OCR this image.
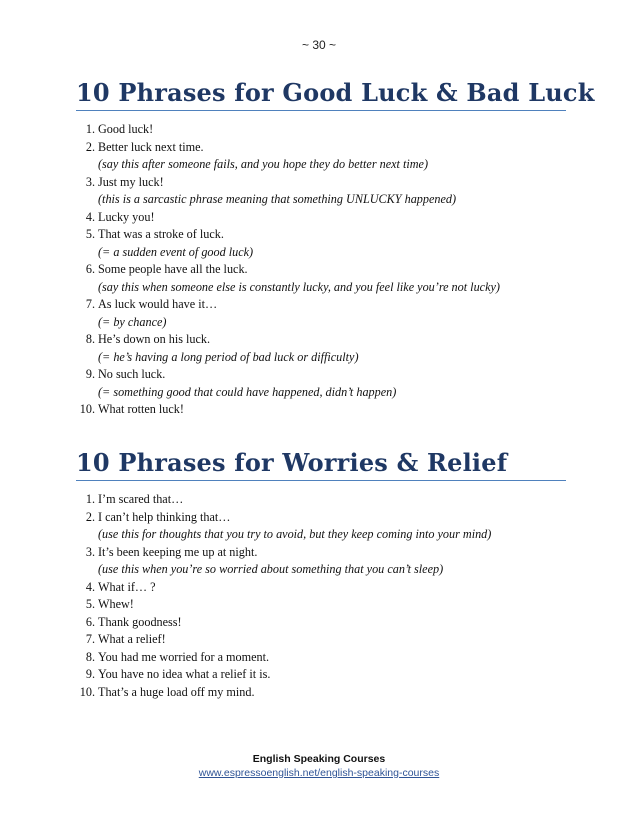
~ 30 ~
10 Phrases for Good Luck & Bad Luck
1 . Good luck!
2 . Better luck next time.
(say this after someone fails, and you hope they do better next time)
3 . Just my luck!
(this is a sarcastic phrase meaning that something UNLUCKY happened)
4 . Lucky you!
5 . That was a stroke of luck.
(= a sudden event of good luck)
6 . Some people have all the luck.
(say this when someone else is constantly lucky, and you feel like you’re not lucky)
7 . As luck would have it…
(= by chance)
8 . He’s down on his luck.
(= he’s having a long period of bad luck or difficulty)
9 . No such luck.
(= something good that could have happened, didn’t happen)
10 . What rotten luck!
10 Phrases for Worries & Relief
1 . I’m scared that…
2 . I can’t help thinking that…
(use this for thoughts that you try to avoid, but they keep coming into your mind)
3 . It’s been keeping me up at night.
(use this when you’re so worried about something that you can’t sleep)
4 . What if… ?
5 . Whew!
6 . Thank goodness!
7 . What a relief!
8 . You had me worried for a moment.
9 . You have no idea what a relief it is.
10 . That’s a huge load off my mind.
English Speaking Courses
www.espressoenglish.net/english-speaking-courses
